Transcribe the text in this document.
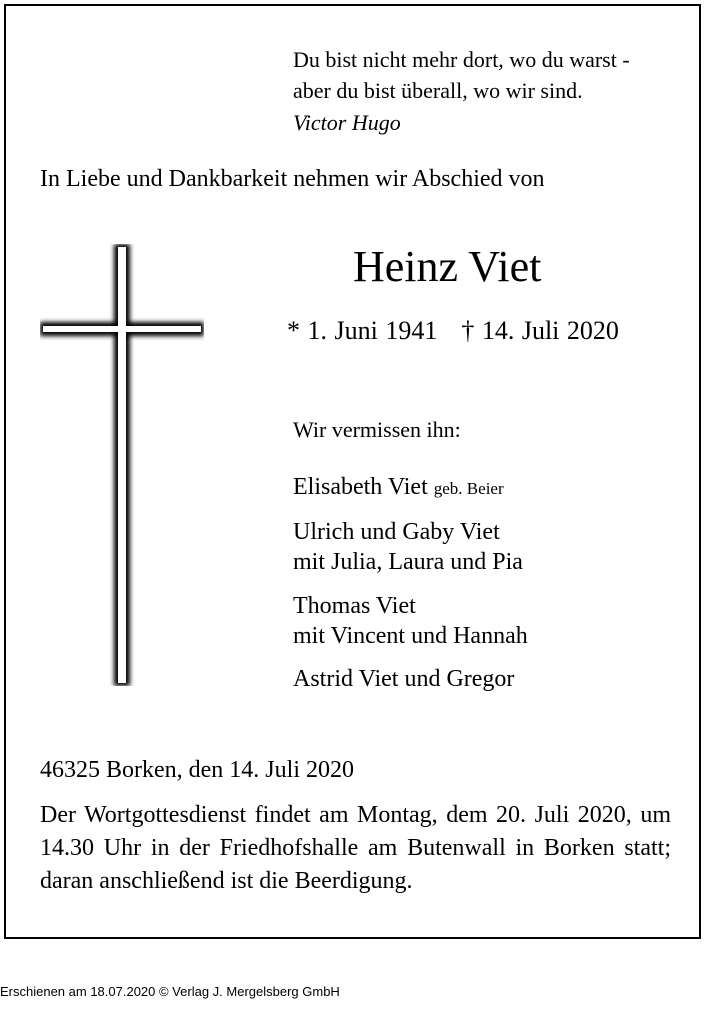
Du bist nicht mehr dort, wo du warst -
aber du bist überall, wo wir sind.
Victor Hugo
In Liebe und Dankbarkeit nehmen wir Abschied von
Heinz Viet
* 1. Juni 1941 † 14. Juli 2020
Wir vermissen ihn:
Elisabeth Viet geb. Beier
Ulrich und Gaby Viet
mit Julia, Laura und Pia
Thomas Viet
mit Vincent und Hannah
Astrid Viet und Gregor
46325 Borken, den 14. Juli 2020
Der Wortgottesdienst findet am Montag, dem 20. Juli 2020, um 14.30 Uhr in der Friedhofshalle am Butenwall in Borken statt; daran anschließend ist die Beerdigung.
Erschienen am 18.07.2020 © Verlag J. Mergelsberg GmbH
